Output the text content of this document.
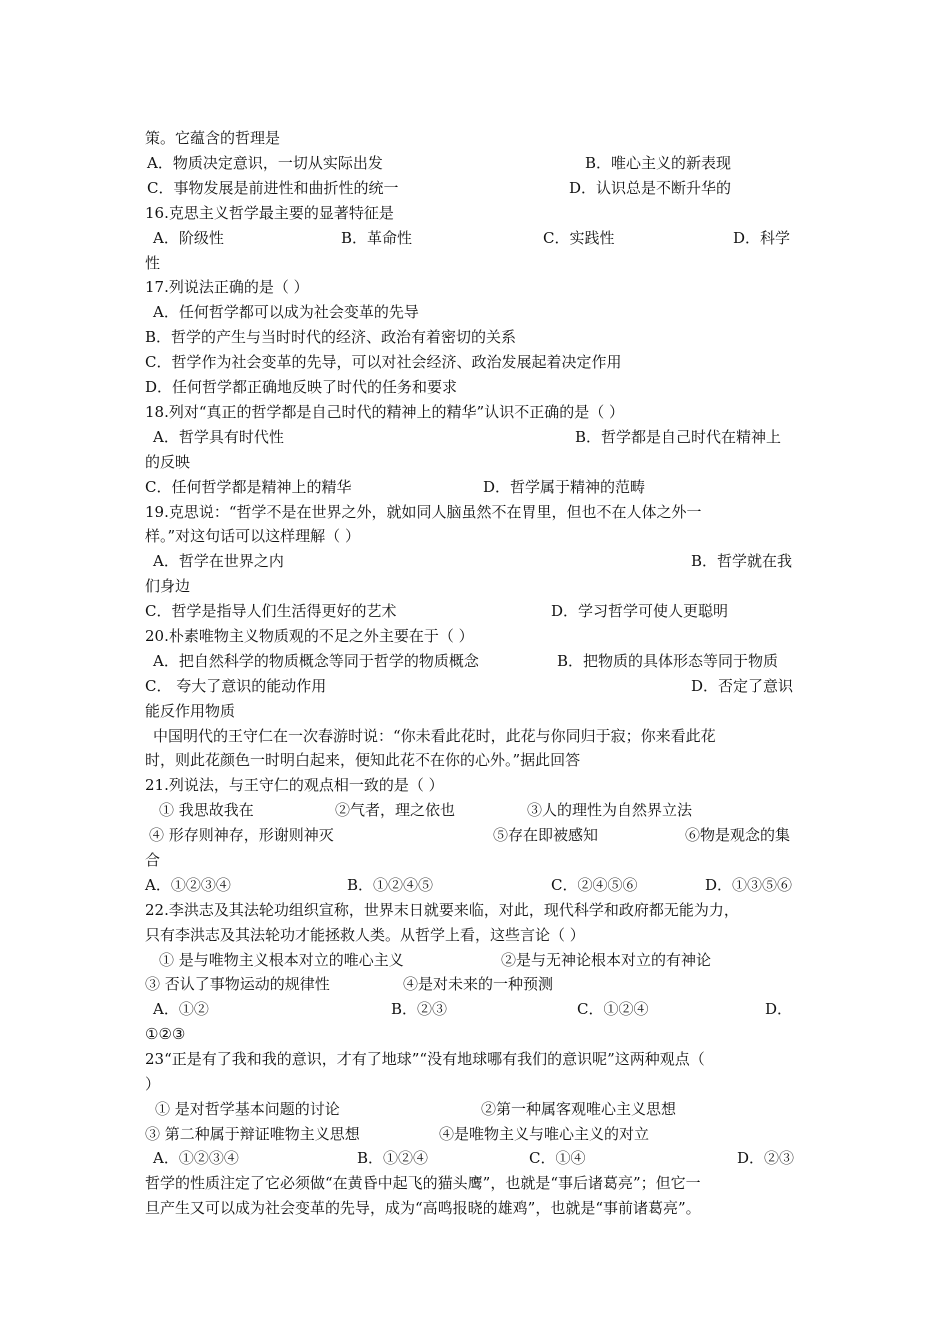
策。它蕴含的哲理是
A．物质决定意识，一切从实际出发	B．唯心主义的新表现
C．事物发展是前进性和曲折性的统一	D．认识总是不断升华的
16.克思主义哲学最主要的显著特征是
A．阶级性	B．革命性	C．实践性	D．科学
性
17.列说法正确的是（ ）
A．任何哲学都可以成为社会变革的先导
B．哲学的产生与当时时代的经济、政治有着密切的关系
C．哲学作为社会变革的先导，可以对社会经济、政治发展起着决定作用
D．任何哲学都正确地反映了时代的任务和要求
18.列对“真正的哲学都是自己时代的精神上的精华”认识不正确的是（ ）
A．哲学具有时代性	B．哲学都是自己时代在精神上
的反映
C．任何哲学都是精神上的精华	D．哲学属于精神的范畴
19.克思说：“哲学不是在世界之外，就如同人脑虽然不在胃里，但也不在人体之外一
样。”对这句话可以这样理解（ ）
A．哲学在世界之内	B．哲学就在我
们身边
C．哲学是指导人们生活得更好的艺术	D．学习哲学可使人更聪明
20.朴素唯物主义物质观的不足之外主要在于（ ）
A．把自然科学的物质概念等同于哲学的物质概念	B．把物质的具体形态等同于物质
C． 夸大了意识的能动作用	D．否定了意识
能反作用物质
中国明代的王守仁在一次春游时说：“你未看此花时，此花与你同归于寂；你来看此花
时，则此花颜色一时明白起来，便知此花不在你的心外。”据此回答
21.列说法，与王守仁的观点相一致的是（ ）
① 我思故我在	②气者，理之依也	③人的理性为自然界立法
④ 形存则神存，形谢则神灭	⑤存在即被感知	⑥物是观念的集
合
A．①②③④	B．①②④⑤	C．②④⑤⑥	D．①③⑤⑥
22.李洪志及其法轮功组织宣称，世界末日就要来临，对此，现代科学和政府都无能为力，
只有李洪志及其法轮功才能拯救人类。从哲学上看，这些言论（ ）
① 是与唯物主义根本对立的唯心主义	②是与无神论根本对立的有神论
③ 否认了事物运动的规律性	④是对未来的一种预测
A．①②	B．②③	C．①②④	D．
①②③
23“正是有了我和我的意识，才有了地球”“没有地球哪有我们的意识呢”这两种观点（
）
① 是对哲学基本问题的讨论	②第一种属客观唯心主义思想
③ 第二种属于辩证唯物主义思想	④是唯物主义与唯心主义的对立
A．①②③④	B．①②④	C．①④	D．②③
哲学的性质注定了它必须做“在黄昏中起飞的猫头鹰”，也就是“事后诸葛亮”；但它一
旦产生又可以成为社会变革的先导，成为“高鸣报晓的雄鸡”，也就是“事前诸葛亮”。
